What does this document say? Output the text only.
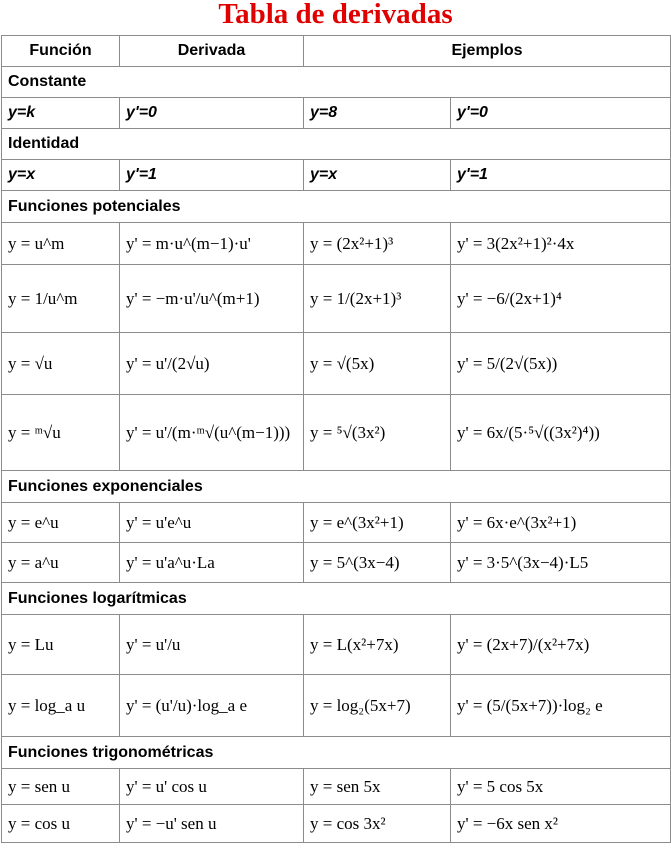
Tabla de derivadas
Función	Derivada	Ejemplos	
Constante			
y=k	y'=0	y=8	y'=0
Identidad			
y=x	y'=1	y=x	y'=1
Funciones potenciales			
y = u^m	y' = m·u^(m−1)·u'	y = (2x²+1)³	y' = 3(2x²+1)²·4x
y = 1/u^m	y' = −m·u'/u^(m+1)	y = 1/(2x+1)³	y' = −6/(2x+1)⁴
y = √u	y' = u'/(2√u)	y = √(5x)	y' = 5/(2√(5x))
y = ᵐ√u	y' = u'/(m·ᵐ√(u^(m−1)))	y = ⁵√(3x²)	y' = 6x/(5·⁵√((3x²)⁴))
Funciones exponenciales			
y = e^u	y' = u'e^u	y = e^(3x²+1)	y' = 6x·e^(3x²+1)
y = a^u	y' = u'a^u·La	y = 5^(3x−4)	y' = 3·5^(3x−4)·L5
Funciones logarítmicas			
y = Lu	y' = u'/u	y = L(x²+7x)	y' = (2x+7)/(x²+7x)
y = log_a u	y' = (u'/u)·log_a e	y = log₂(5x+7)	y' = (5/(5x+7))·log₂ e
Funciones trigonométricas			
y = sen u	y' = u' cos u	y = sen 5x	y' = 5 cos 5x
y = cos u	y' = −u' sen u	y = cos 3x²	y' = −6x sen x²
